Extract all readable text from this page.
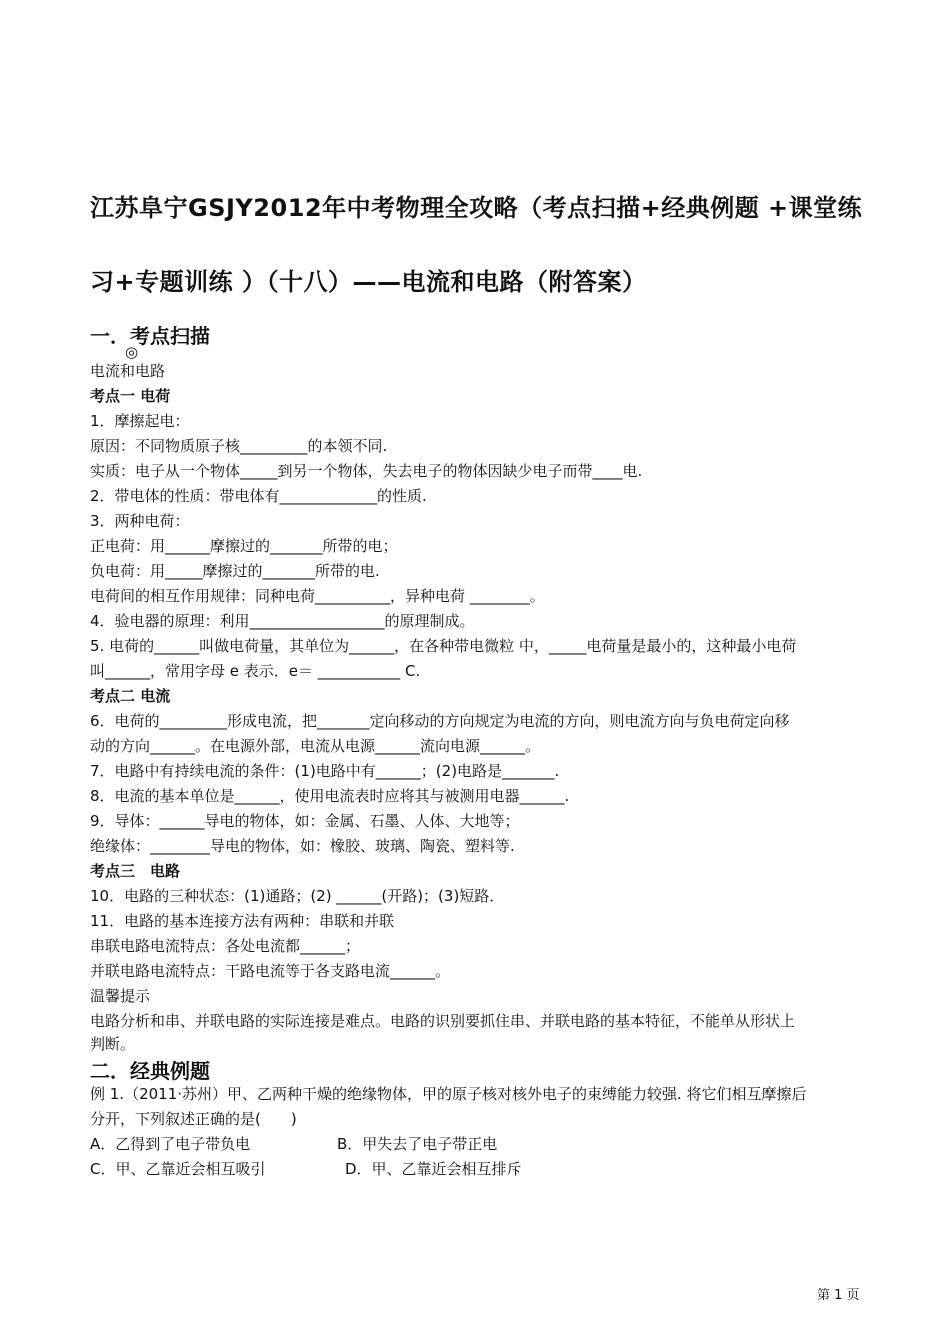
江苏阜宁GSJY2012年中考物理全攻略（考点扫描+经典例题 +课堂练
习+专题训练 ）（十八）——电流和电路（附答案）
一．考点扫描
◎
电流和电路
考点一 电荷
1．摩擦起电：
原因：不同物质原子核_________的本领不同.
实质：电子从一个物体_____到另一个物体，失去电子的物体因缺少电子而带____电.
2．带电体的性质：带电体有_____________的性质.
3．两种电荷：
正电荷：用______摩擦过的_______所带的电；
负电荷：用_____摩擦过的_______所带的电.
电荷间的相互作用规律：同种电荷__________，异种电荷 ________。
4．验电器的原理：利用__________________的原理制成。
5. 电荷的______叫做电荷量，其单位为______，在各种带电微粒 中，_____电荷量是最小的，这种最小电荷
叫______，常用字母 e 表示．e＝ ___________ C.
考点二 电流
6．电荷的_________形成电流，把_______定向移动的方向规定为电流的方向，则电流方向与负电荷定向移
动的方向______。在电源外部，电流从电源______流向电源______。
7．电路中有持续电流的条件：(1)电路中有______；(2)电路是_______.
8．电流的基本单位是______，使用电流表时应将其与被测用电器______.
9．导体：______导电的物体，如：金属、石墨、人体、大地等；
绝缘体：________导电的物体，如：橡胶、玻璃、陶瓷、塑料等.
考点三　电路
10．电路的三种状态：(1)通路；(2) ______(开路)；(3)短路．
11．电路的基本连接方法有两种：串联和并联
串联电路电流特点：各处电流都______；
并联电路电流特点：干路电流等于各支路电流______。
温馨提示
电路分析和串、并联电路的实际连接是难点。电路的识别要抓住串、并联电路的基本特征，不能单从形状上
判断。
二．经典例题
例 1.（2011·苏州）甲、乙两种干燥的绝缘物体，甲的原子核对核外电子的束缚能力较强. 将它们相互摩擦后
分开，下列叙述正确的是(　　)
A．乙得到了电子带负电	B．甲失去了电子带正电
C．甲、乙靠近会相互吸引	D．甲、乙靠近会相互排斥
第 1 页
